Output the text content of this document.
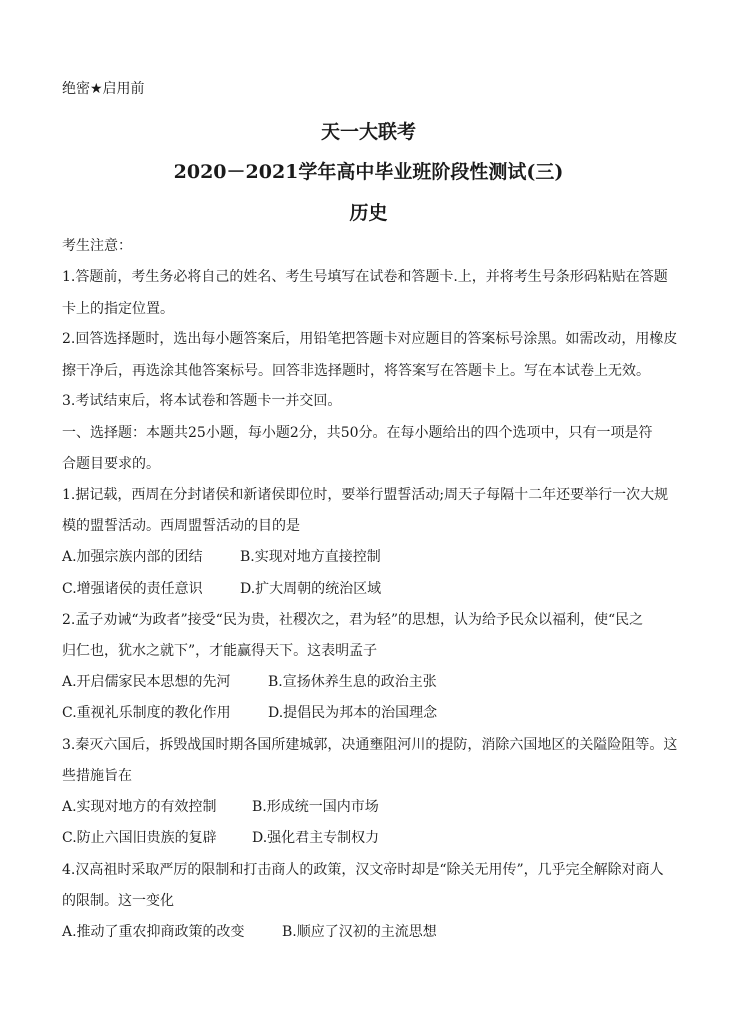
绝密★启用前
天一大联考
2020－2021学年高中毕业班阶段性测试(三)
历史
考生注意：
1.答题前，考生务必将自己的姓名、考生号填写在试卷和答题卡.上，并将考生号条形码粘贴在答题
卡上的指定位置。
2.回答选择题时，选出每小题答案后，用铅笔把答题卡对应题目的答案标号涂黑。如需改动，用橡皮
擦干净后，再选涂其他答案标号。回答非选择题时，将答案写在答题卡上。写在本试卷上无效。
3.考试结束后，将本试卷和答题卡一并交回。
一、选择题：本题共25小题，每小题2分，共50分。在每小题给出的四个选项中，只有一项是符
合题目要求的。
1.据记载，西周在分封诸侯和新诸侯即位时，要举行盟誓活动;周天子每隔十二年还要举行一次大规
模的盟誓活动。西周盟誓活动的目的是
A.加强宗族内部的团结	B.实现对地方直接控制
C.增强诸侯的责任意识	D.扩大周朝的统治区域
2.孟子劝诫“为政者”接受“民为贵，社稷次之，君为轻”的思想，认为给予民众以福利，使“民之
归仁也，犹水之就下”，才能赢得天下。这表明孟子
A.开启儒家民本思想的先河	B.宣扬休养生息的政治主张
C.重视礼乐制度的教化作用	D.提倡民为邦本的治国理念
3.秦灭六国后，拆毁战国时期各国所建城郭，决通壅阻河川的提防，消除六国地区的关隘险阻等。这
些措施旨在
A.实现对地方的有效控制	B.形成统一国内市场
C.防止六国旧贵族的复辟	D.强化君主专制权力
4.汉高祖时采取严厉的限制和打击商人的政策，汉文帝时却是“除关无用传”，几乎完全解除对商人
的限制。这一变化
A.推动了重农抑商政策的改变	B.顺应了汉初的主流思想
